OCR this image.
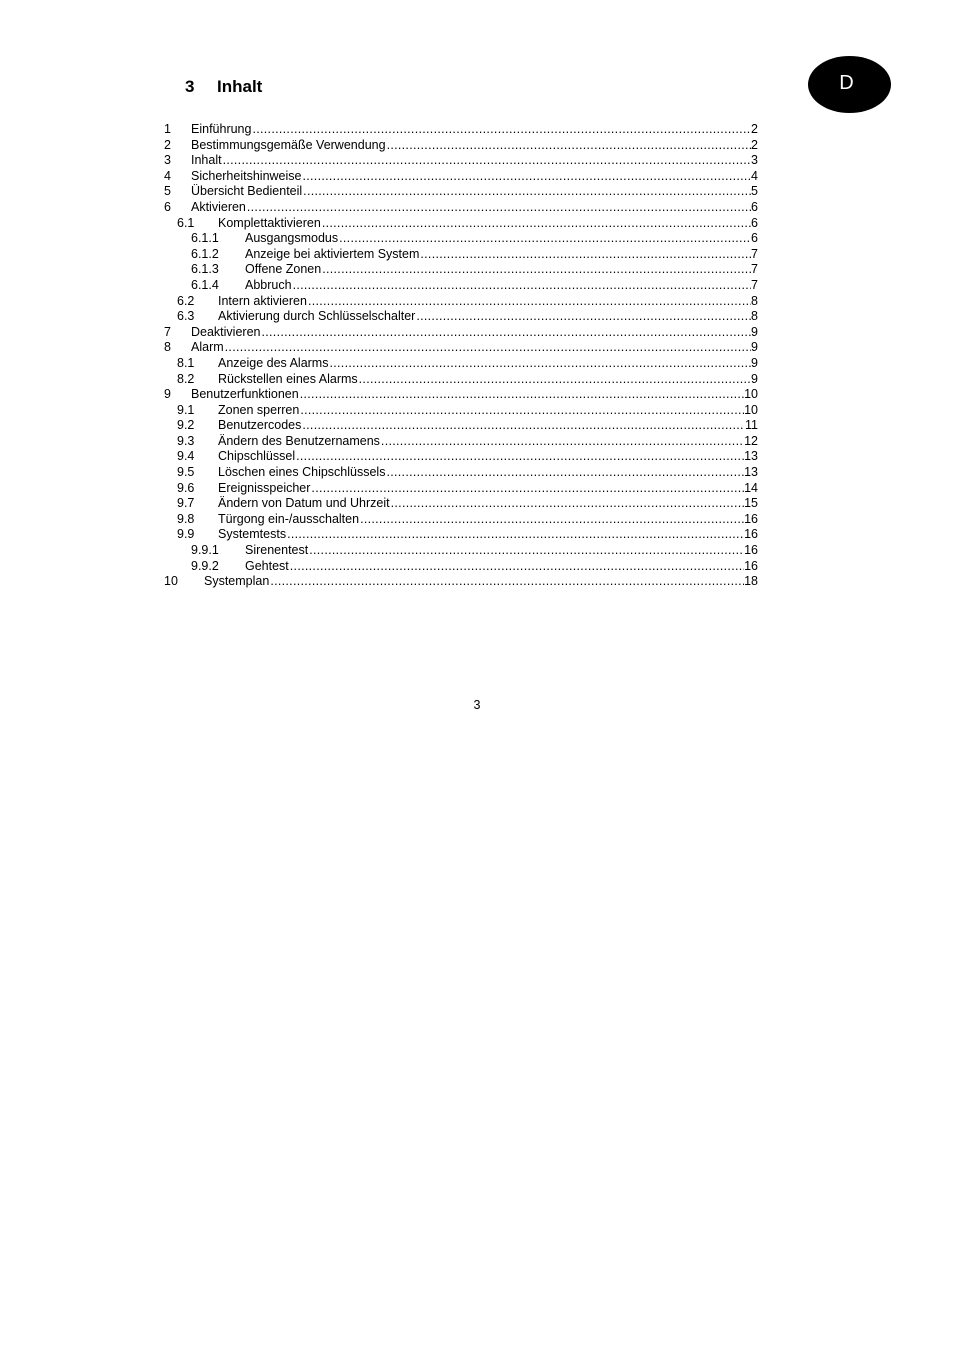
D
3 Inhalt
1 Einführung .....	2
2 Bestimmungsgemäße Verwendung .....	2
3 Inhalt .....	3
4 Sicherheitshinweise .....	4
5 Übersicht Bedienteil .....	5
6 Aktivieren .....	6
6.1 Komplettaktivieren .....	6
6.1.1 Ausgangsmodus .....	6
6.1.2 Anzeige bei aktiviertem System .....	7
6.1.3 Offene Zonen .....	7
6.1.4 Abbruch .....	7
6.2 Intern aktivieren .....	8
6.3 Aktivierung durch Schlüsselschalter .....	8
7 Deaktivieren .....	9
8 Alarm .....	9
8.1 Anzeige des Alarms .....	9
8.2 Rückstellen eines Alarms .....	9
9 Benutzerfunktionen .....	10
9.1 Zonen sperren .....	10
9.2 Benutzercodes .....	11
9.3 Ändern des Benutzernamens .....	12
9.4 Chipschlüssel .....	13
9.5 Löschen eines Chipschlüssels .....	13
9.6 Ereignisspeicher .....	14
9.7 Ändern von Datum und Uhrzeit .....	15
9.8 Türgong ein-/ausschalten .....	16
9.9 Systemtests .....	16
9.9.1 Sirenentest .....	16
9.9.2 Gehtest .....	16
10 Systemplan .....	18
3
